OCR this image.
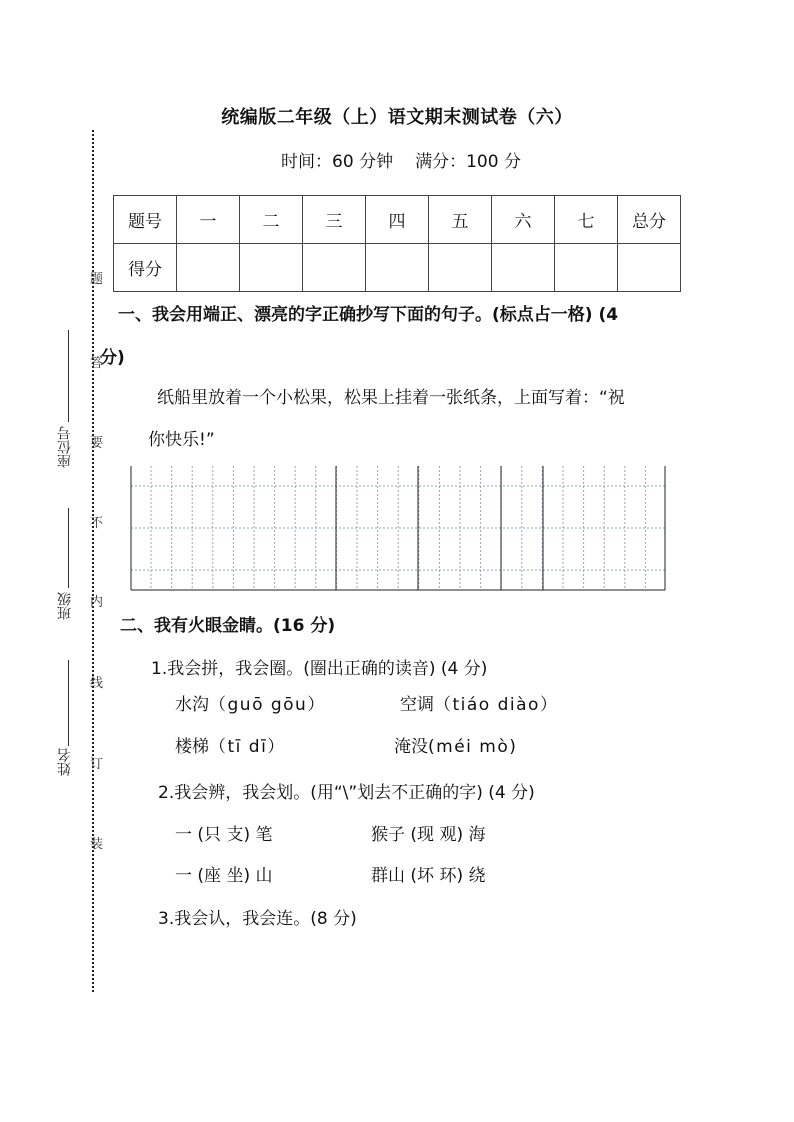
题
答
要
不
内
线
订
装
座位号
班级
姓名
统编版二年级（上）语文期末测试卷（六）
时间：60 分钟 满分：100 分
题号	一	二	三	四	五	六	七	总分
得分								
一、我会用端正、漂亮的字正确抄写下面的句子。(标点占一格) (4
分)
纸船里放着一个小松果，松果上挂着一张纸条，上面写着：“祝
你快乐!”
二、我有火眼金睛。(16 分)
1.我会拼，我会圈。(圈出正确的读音) (4 分)
水沟（guō gōu）	空调（tiáo diào）
楼梯（tī dī）	淹没(méi mò)
2.我会辨，我会划。(用“\”划去不正确的字) (4 分)
一 (只 支) 笔	猴子 (现 观) 海
一 (座 坐) 山	群山 (坏 环) 绕
3.我会认，我会连。(8 分)
